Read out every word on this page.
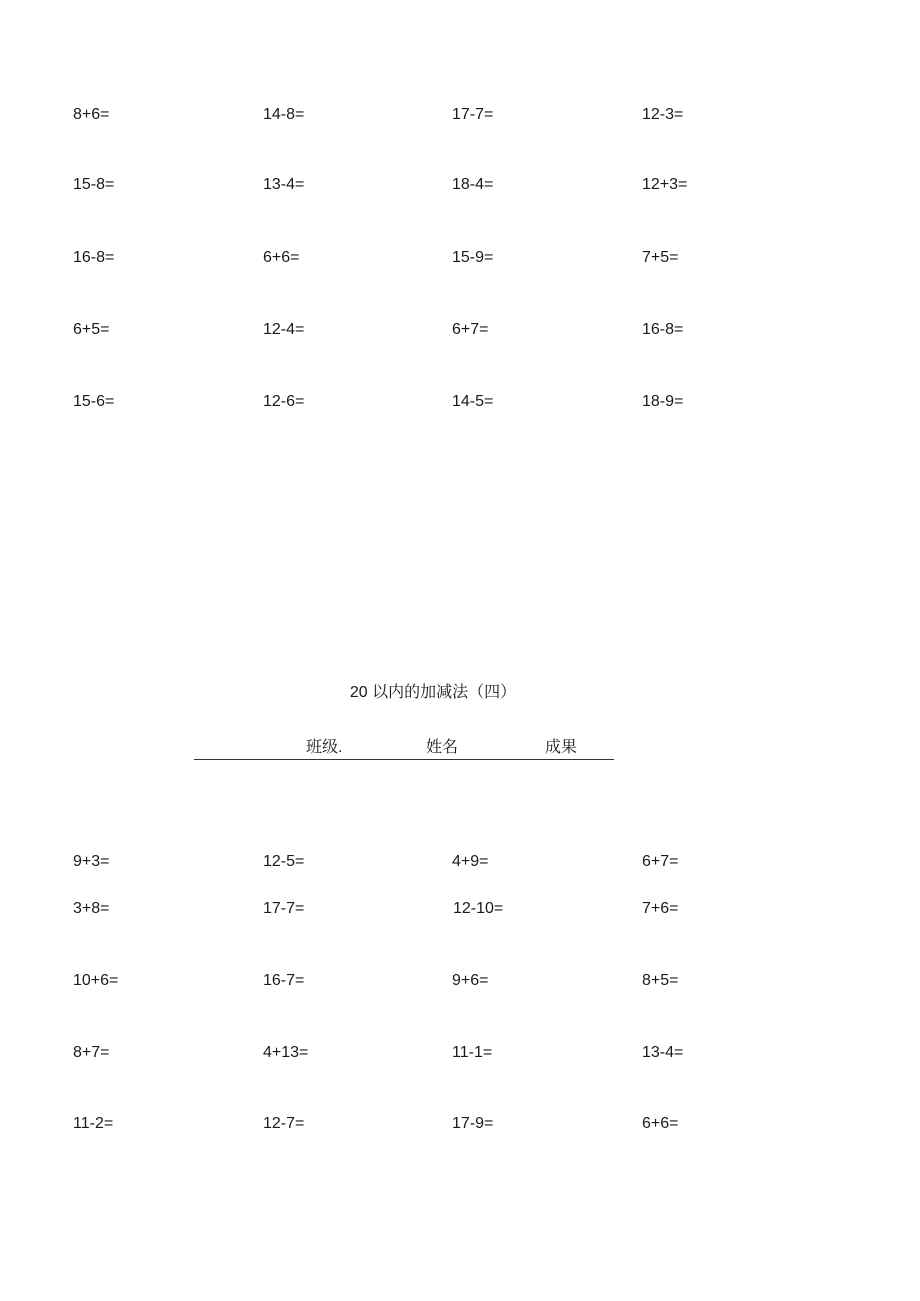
8+6=	14-8=	17-7=	12-3=
15-8=	13-4=	18-4=	12+3=
16-8=	6+6=	15-9=	7+5=
6+5=	12-4=	6+7=	16-8=
15-6=	12-6=	14-5=	18-9=
20 以内的加减法（四）
班级.	姓名	成果
9+3=	12-5=	4+9=	6+7=
3+8=	17-7=	12-10=	7+6=
10+6=	16-7=	9+6=	8+5=
8+7=	4+13=	11-1=	13-4=
11-2=	12-7=	17-9=	6+6=
